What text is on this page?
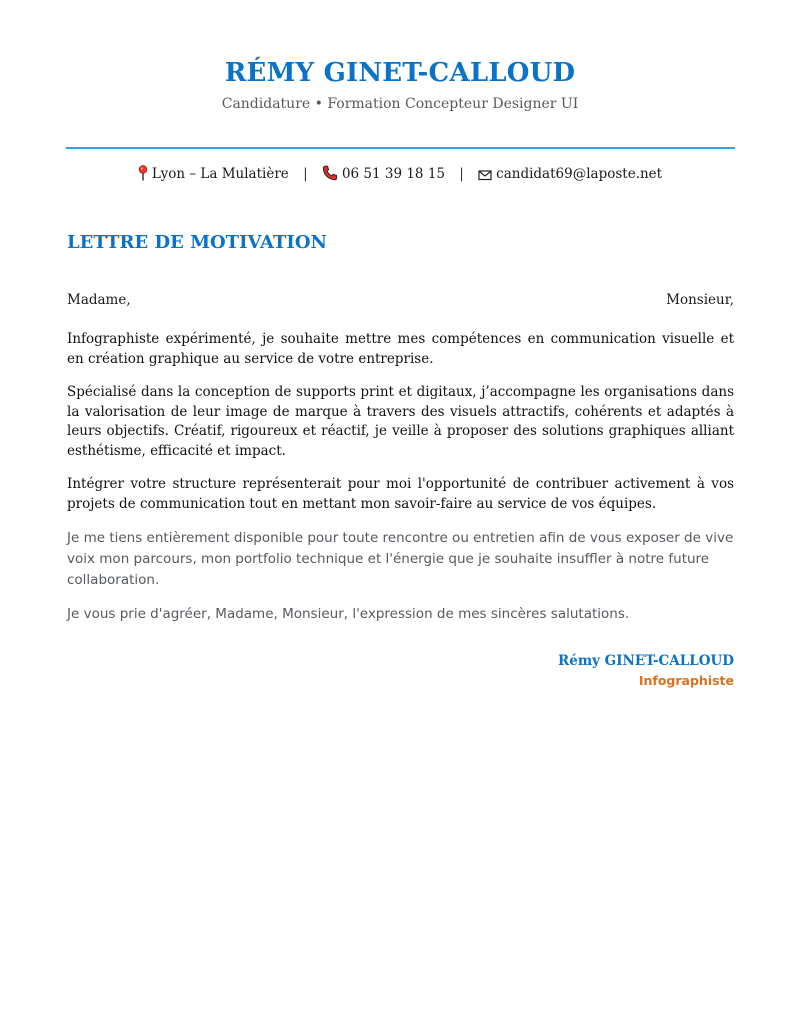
RÉMY GINET-CALLOUD
Candidature • Formation Concepteur Designer UI
Lyon – La Mulatière |	06 51 39 18 15 | candidat69@laposte.net
LETTRE DE MOTIVATION
Madame,	Monsieur,

Infographiste expérimenté, je souhaite mettre mes compétences en communication visuelle et en création graphique au service de votre entreprise.

Spécialisé dans la conception de supports print et digitaux, j’accompagne les organisations dans la valorisation de leur image de marque à travers des visuels attractifs, cohérents et adaptés à leurs objectifs. Créatif, rigoureux et réactif, je veille à proposer des solutions graphiques alliant esthétisme, efficacité et impact.

Intégrer votre structure représenterait pour moi l'opportunité de contribuer activement à vos projets de communication tout en mettant mon savoir-faire au service de vos équipes.

Je me tiens entièrement disponible pour toute rencontre ou entretien afin de vous exposer de vive voix mon parcours, mon portfolio technique et l'énergie que je souhaite insuffler à notre future collaboration.

Je vous prie d'agréer, Madame, Monsieur, l'expression de mes sincères salutations.

Rémy GINET-CALLOUD
Infographiste
